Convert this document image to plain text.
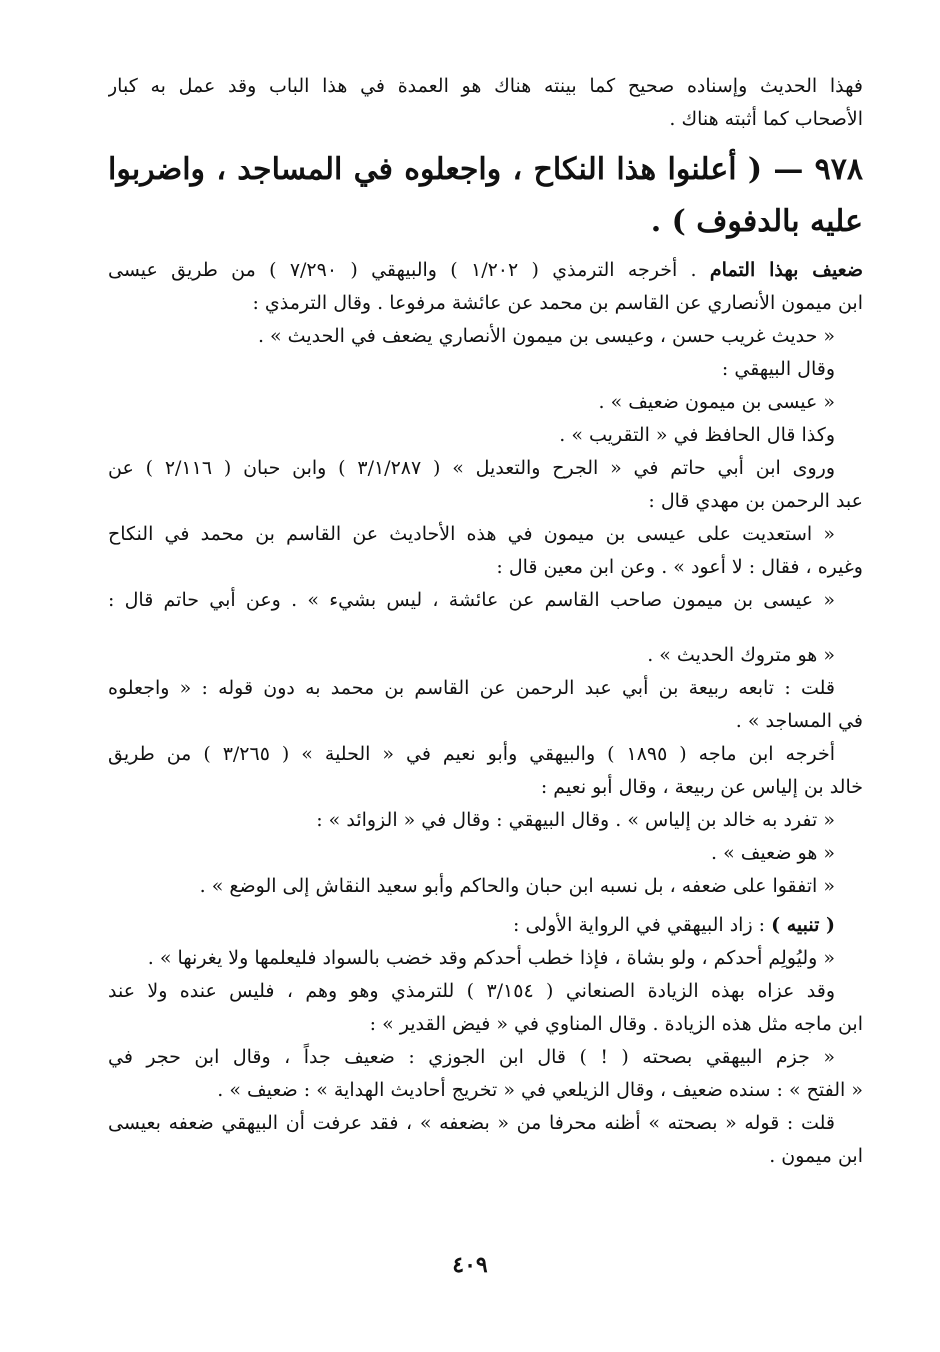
فهذا الحديث وإسناده صحيح كما بينته هناك هو العمدة في هذا الباب وقد عمل به كبار
الأصحاب كما أثبته هناك .
٩٧٨ — ( أعلنوا هذا النكاح ، واجعلوه في المساجد ، واضربوا
عليه بالدفوف ) .
ضعيف بهذا التمام . أخرجه الترمذي ( ١/٢٠٢ ) والبيهقي ( ٧/٢٩٠ ) من طريق عيسى
ابن ميمون الأنصاري عن القاسم بن محمد عن عائشة مرفوعا . وقال الترمذي :
« حديث غريب حسن ، وعيسى بن ميمون الأنصاري يضعف في الحديث » .
وقال البيهقي :
« عيسى بن ميمون ضعيف » .
وكذا قال الحافظ في « التقريب » .
وروى ابن أبي حاتم في « الجرح والتعديل » ( ٣/١/٢٨٧ ) وابن حبان ( ٢/١١٦ ) عن
عبد الرحمن بن مهدي قال :
« استعديت على عيسى بن ميمون في هذه الأحاديث عن القاسم بن محمد في النكاح
وغيره ، فقال : لا أعود » . وعن ابن معين قال :
« عيسى بن ميمون صاحب القاسم عن عائشة ، ليس بشيء » . وعن أبي حاتم قال :
« هو متروك الحديث » .
قلت : تابعه ربيعة بن أبي عبد الرحمن عن القاسم بن محمد به دون قوله : « واجعلوه
في المساجد » .
أخرجه ابن ماجه ( ١٨٩٥ ) والبيهقي وأبو نعيم في « الحلية » ( ٣/٢٦٥ ) من طريق
خالد بن إلياس عن ربيعة ، وقال أبو نعيم :
« تفرد به خالد بن إلياس » . وقال البيهقي : وقال في « الزوائد » :
« هو ضعيف » .
« اتفقوا على ضعفه ، بل نسبه ابن حبان والحاكم وأبو سعيد النقاش إلى الوضع » .
( تنبيه ) : زاد البيهقي في الرواية الأولى :
« وليُولِم أحدكم ، ولو بشاة ، فإذا خطب أحدكم وقد خضب بالسواد فليعلمها ولا يغرنها » .
وقد عزاه بهذه الزيادة الصنعاني ( ٣/١٥٤ ) للترمذي وهو وهم ، فليس عنده ولا عند
ابن ماجه مثل هذه الزيادة . وقال المناوي في « فيض القدير » :
« جزم البيهقي بصحته ( ! ) قال ابن الجوزي : ضعيف جداً ، وقال ابن حجر في
« الفتح » : سنده ضعيف ، وقال الزيلعي في « تخريج أحاديث الهداية » : ضعيف » .
قلت : قوله « بصحته » أظنه محرفا من « بضعفه » ، فقد عرفت أن البيهقي ضعفه بعيسى
ابن ميمون .
٤٠٩
